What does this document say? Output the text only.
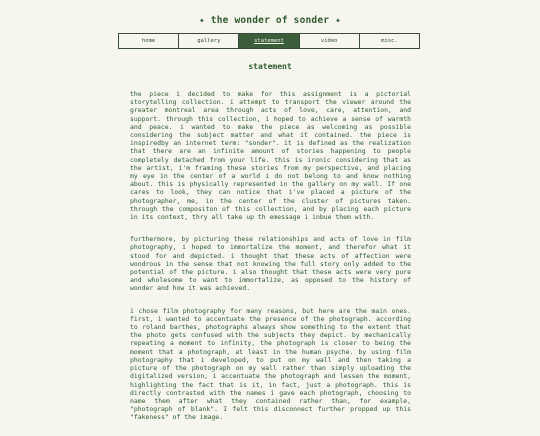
✦ the wonder of sonder ✦
home	gallery	statement	video	misc.
statement

the piece i decided to make for this assignment is a pictorial storytelling collection. i attempt to transport the viewer around the greater montreal area through acts of love, care, attention, and support. through this collection, i hoped to achieve a sense of warmth and peace. i wanted to make the piece as welcoming as possible considering the subject matter and what it contained. the piece is inspiredby an internet term: "sonder". it is defined as the realization that there are an infinite amount of stories happening to people completely detached from your life. this is ironic considering that as the artist, i'm framing these stories from my perspective, and placing my eye in the center of a world i do not belong to and know nothing about. this is physically represented in the gallery on my wall. If one cares to look, they can notice that i've placed a picture of the photographer, me, in the center of the cluster of pictures taken. through the compositon of this collection, and by placing each picture in its context, thry all take up th emessage i inbue them with.

furthermore, by picturing these relationships and acts of love in film photography, i hoped to immortalize the moment, and therefor what it stood for and depicted. i thought that these acts of affection were wondrous in the sense that not knowing the full story only added to the potential of the picture. i also thought that these acts were very pure and wholesome to want to immortalize, as opposed to the history of wonder and how it was achieved.

i chose film photography for many reasons, but here are the main ones. first, i wanted to accentuate the presence of the photograph. according to roland barthes, photographs always show something to the extent that the photo gets confused with the subjects they depict. by mechanically repeating a moment to infinity, the photograph is closer to being the moment that a photograph, at least in the human psyche. by using film photography that i developed, to put on my wall and then taking a picture of the photograph on my wall rather than simply uploading the digitalized version, i accentuate the photograph and lessen the moment, highlighting the fact that is it, in fact, just a photograph. this is directly contrasted with the names i gave each photograph, choosing to name them after what they contained rather than, for example, "photograph of blank". I felt this disconnect further propped up this "fakeness" of the image.
